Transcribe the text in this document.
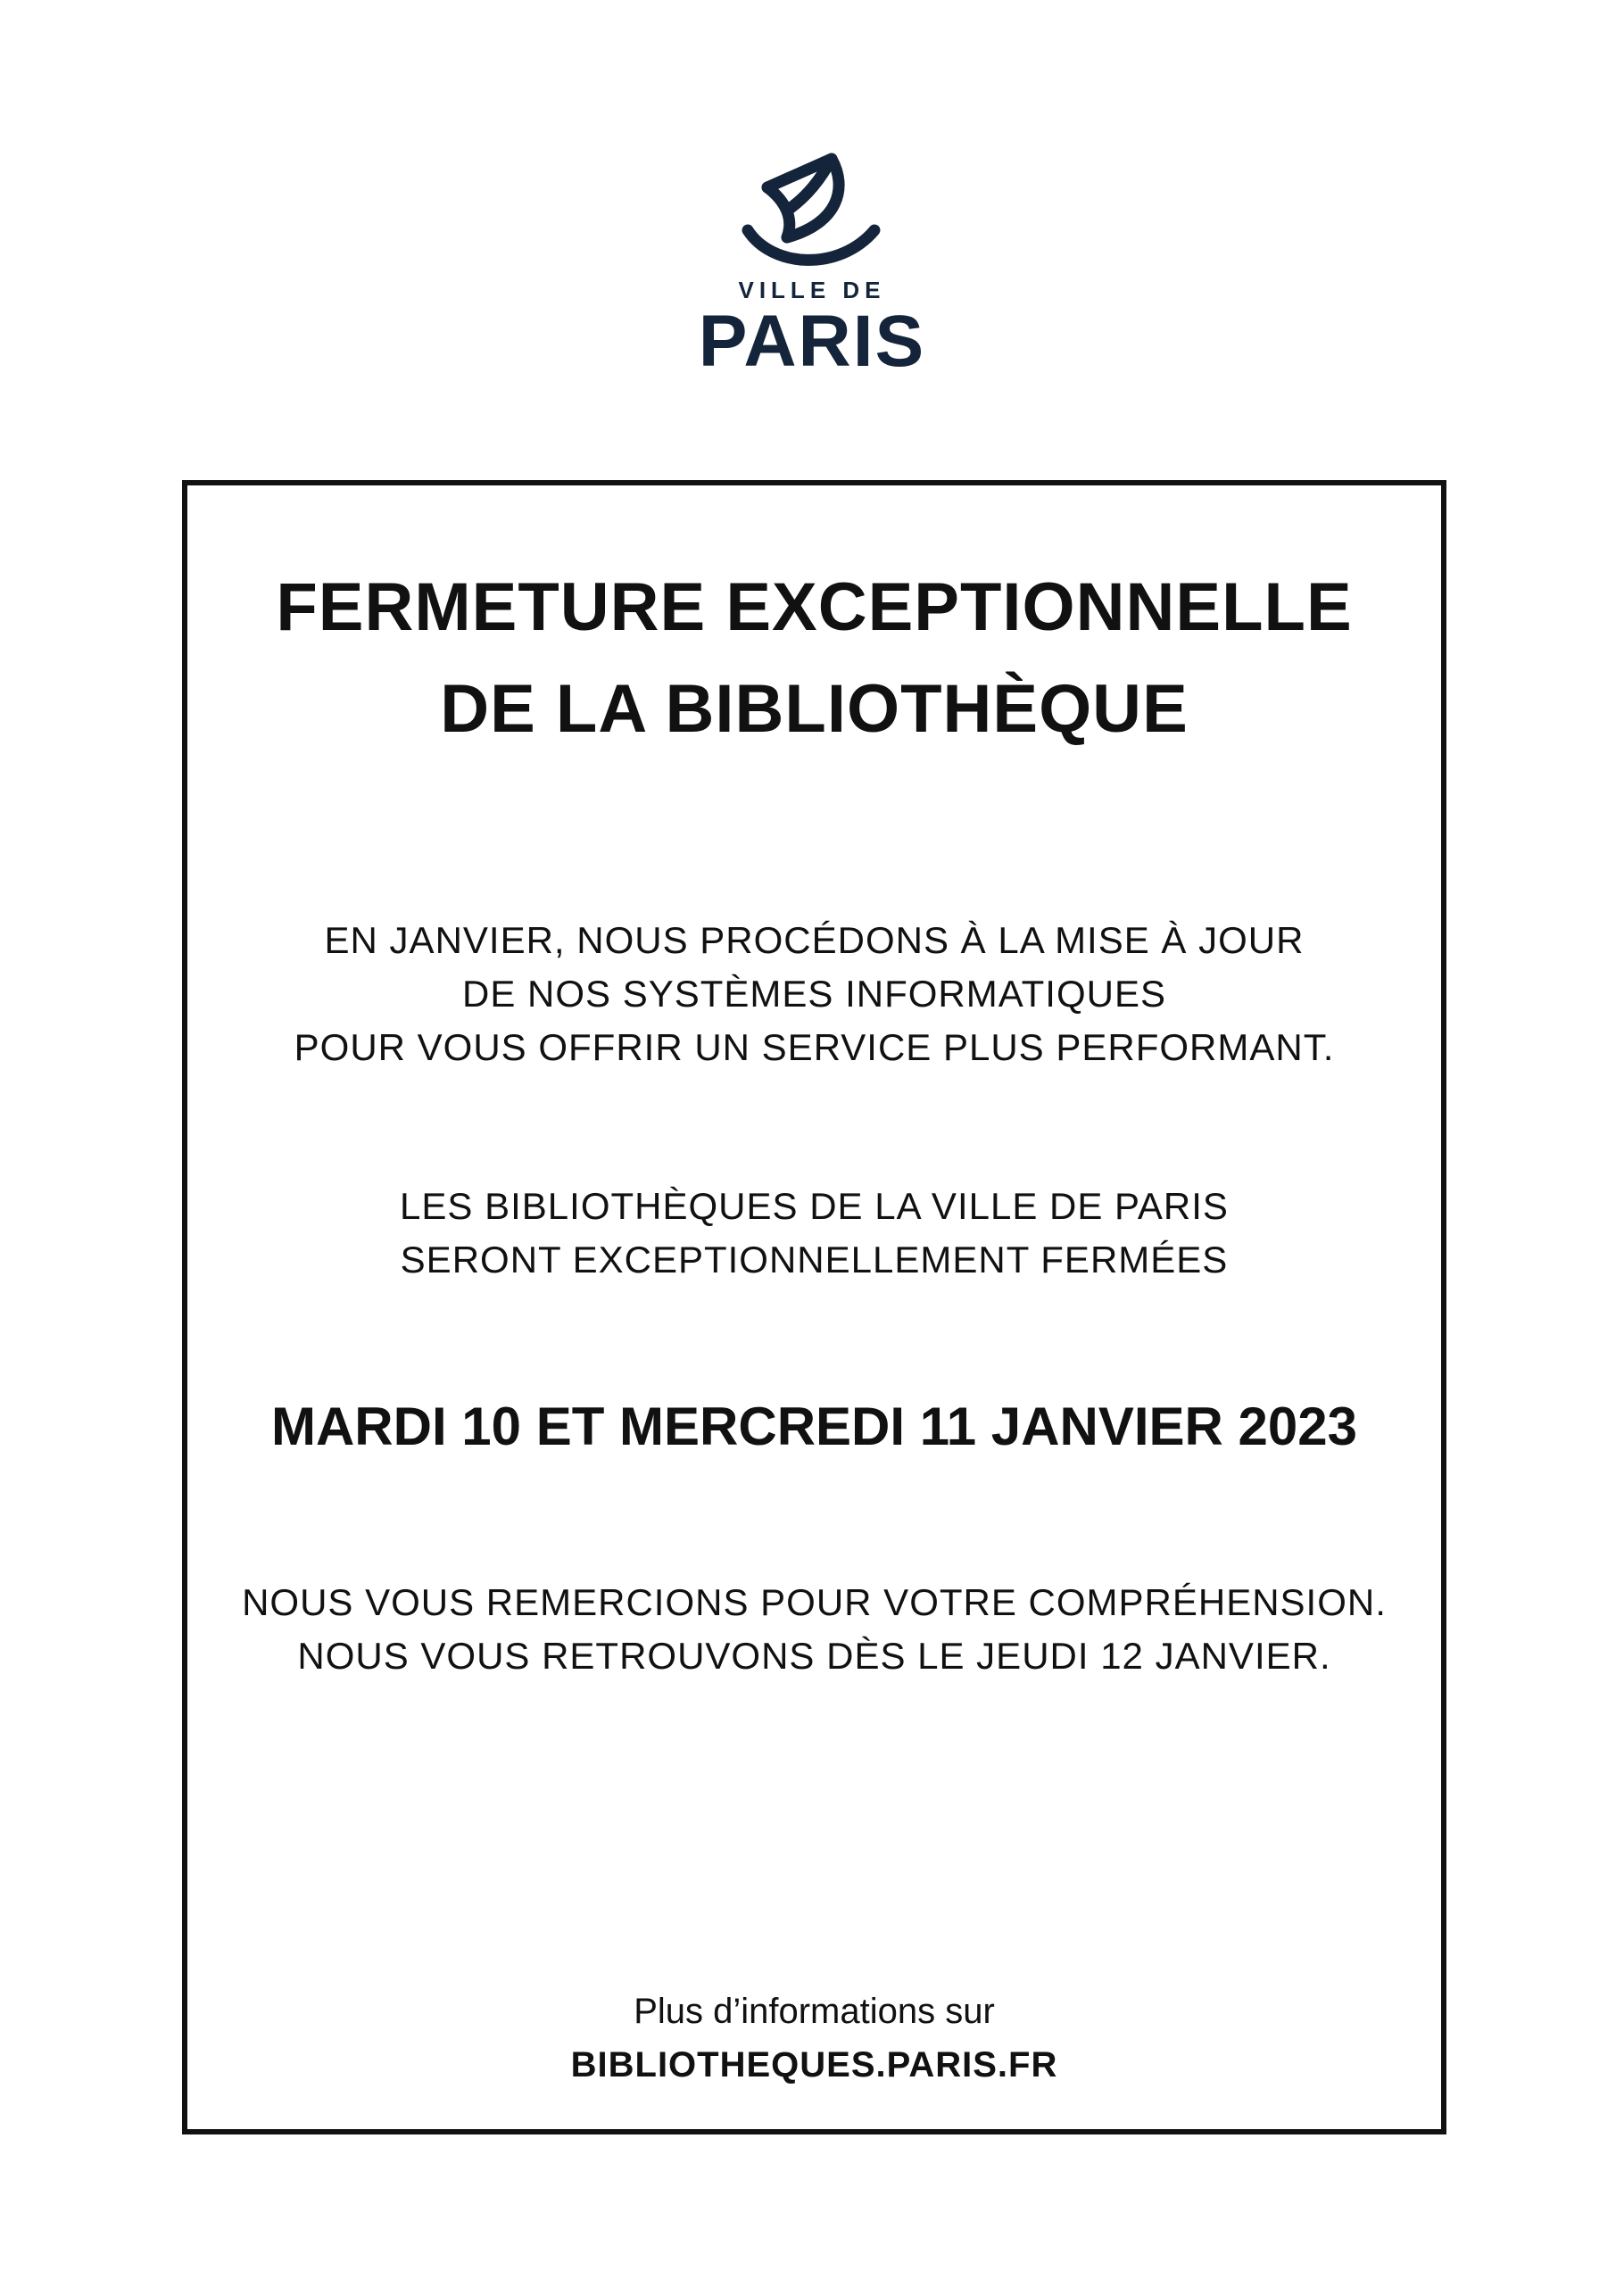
VILLE DE
PARIS
FERMETURE EXCEPTIONNELLE
DE LA BIBLIOTHÈQUE
EN JANVIER, NOUS PROCÉDONS À LA MISE À JOUR
DE NOS SYSTÈMES INFORMATIQUES
POUR VOUS OFFRIR UN SERVICE PLUS PERFORMANT.
LES BIBLIOTHÈQUES DE LA VILLE DE PARIS
SERONT EXCEPTIONNELLEMENT FERMÉES
MARDI 10 ET MERCREDI 11 JANVIER 2023
NOUS VOUS REMERCIONS POUR VOTRE COMPRÉHENSION.
NOUS VOUS RETROUVONS DÈS LE JEUDI 12 JANVIER.
Plus d’informations sur
BIBLIOTHEQUES.PARIS.FR
